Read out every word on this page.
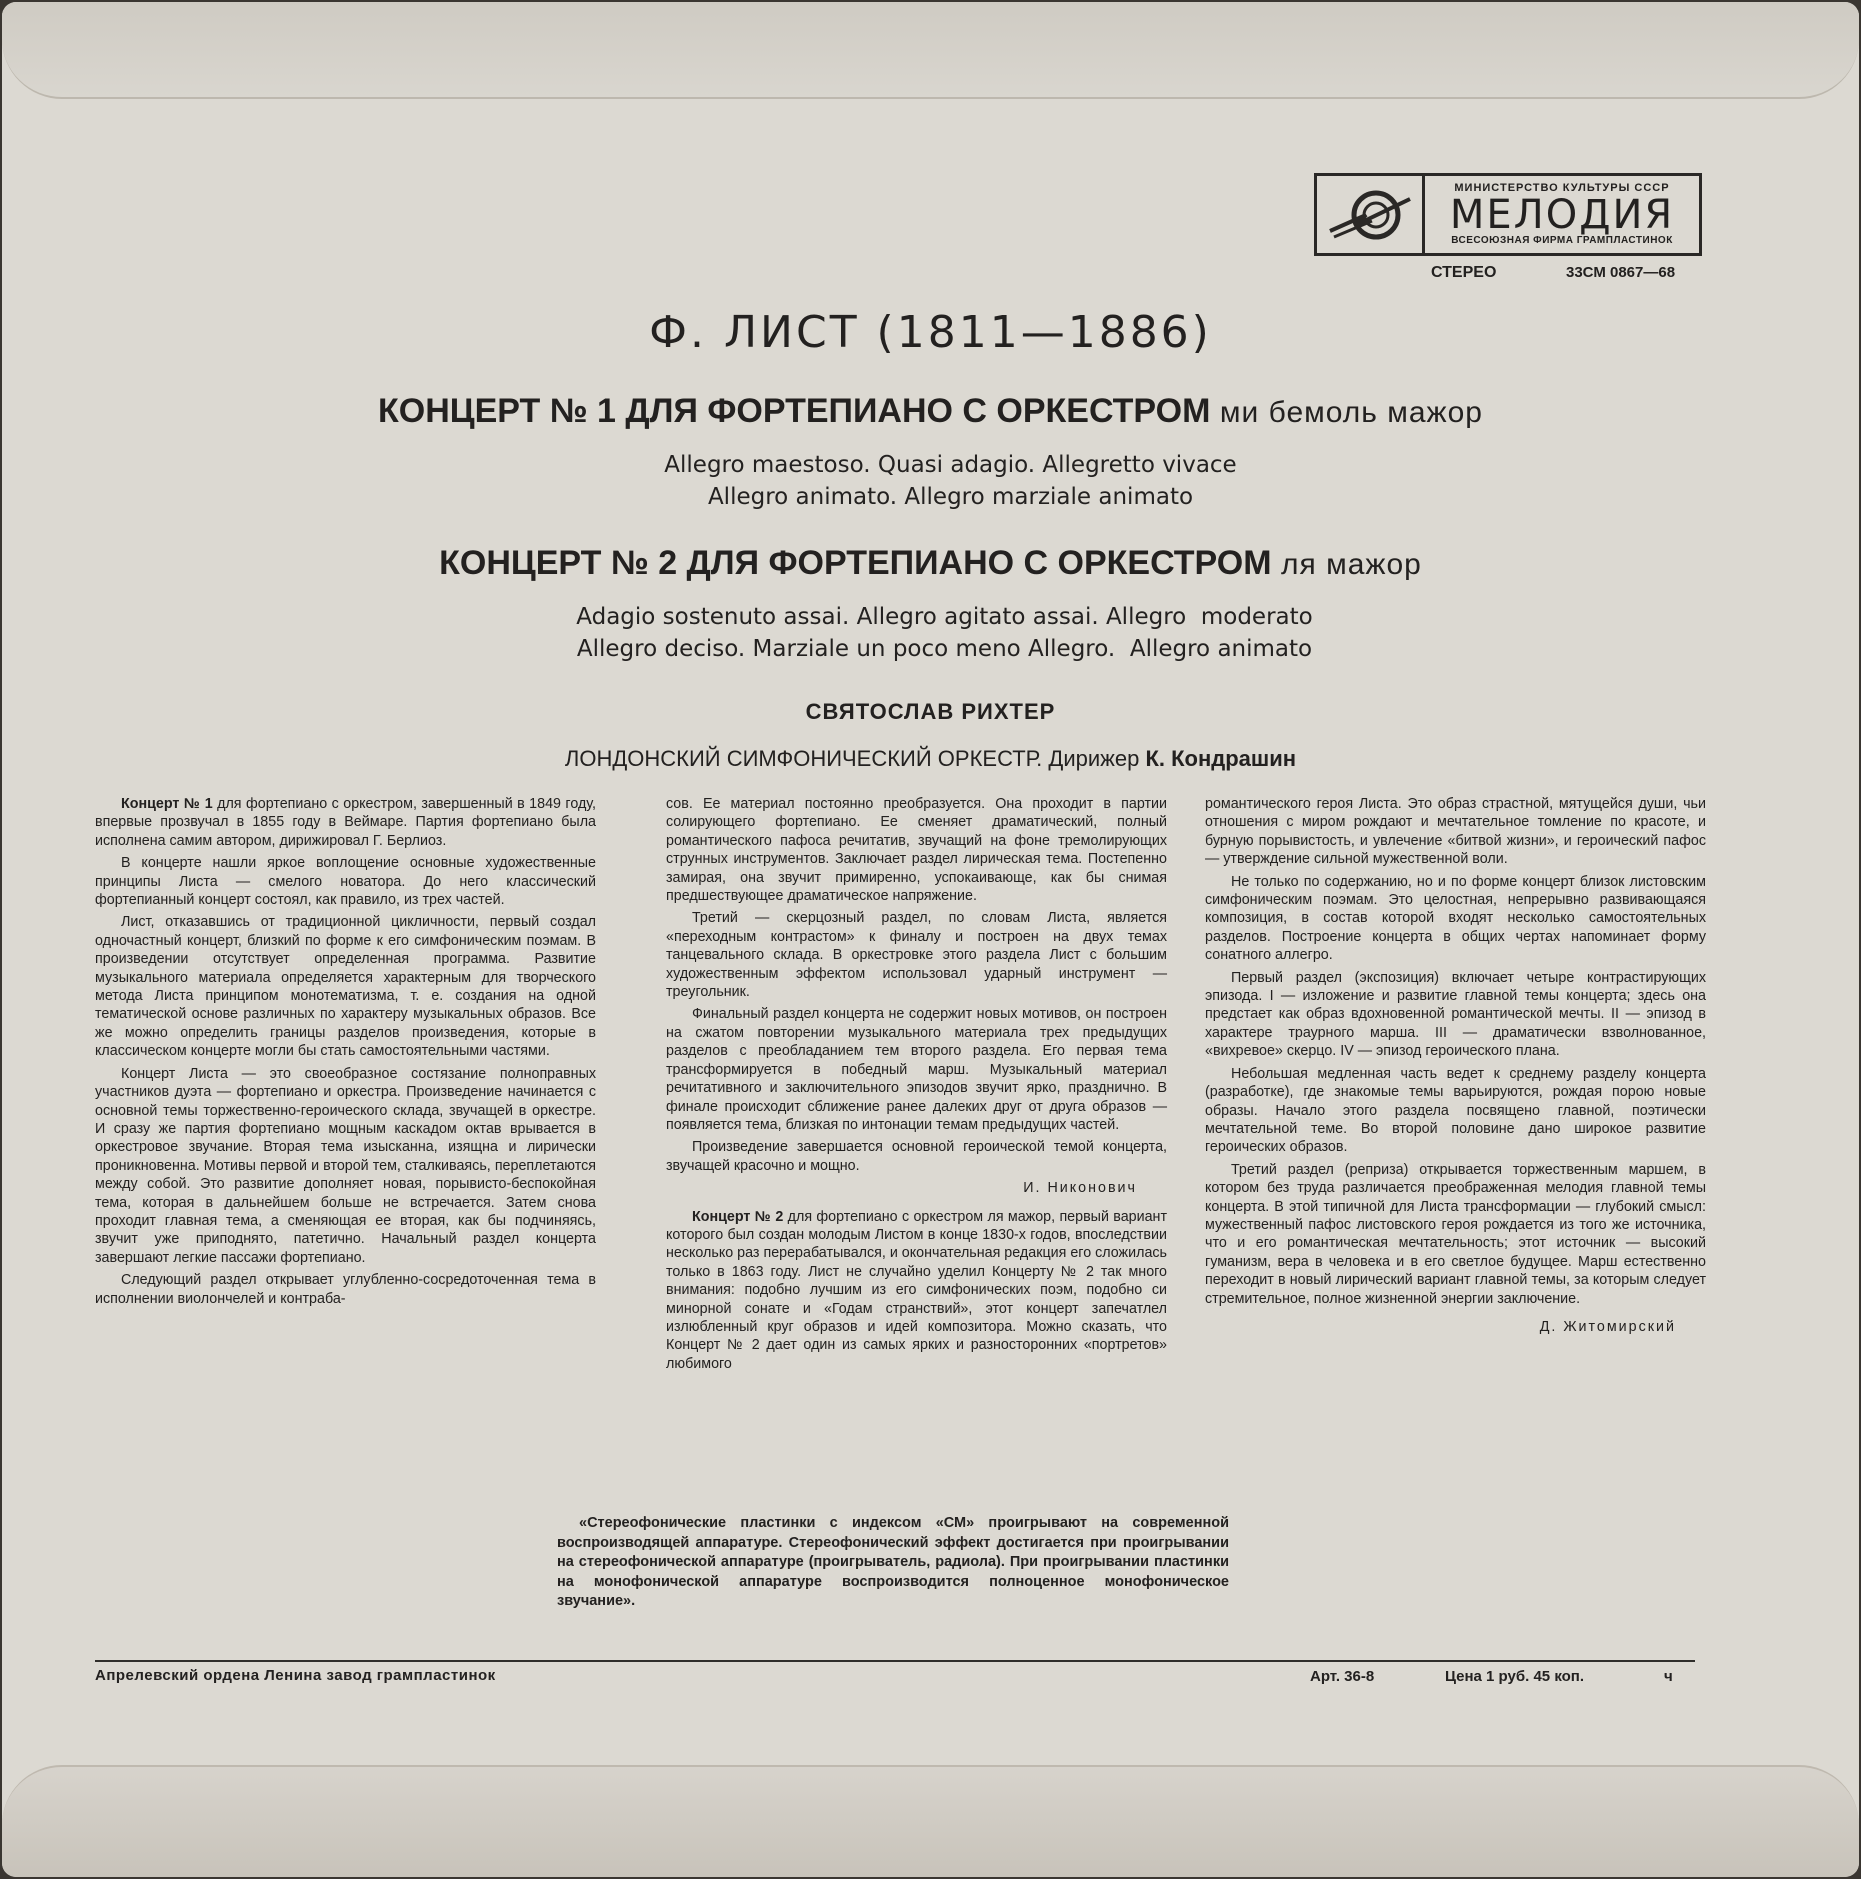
МИНИСТЕРСТВО КУЛЬТУРЫ СССР
МЕЛОДИЯ
ВСЕСОЮЗНАЯ ФИРМА ГРАМПЛАСТИНОК
СТЕРЕО	33СМ 0867—68
Ф. ЛИСТ (1811—1886)
КОНЦЕРТ № 1 ДЛЯ ФОРТЕПИАНО С ОРКЕСТРОМ ми бемоль мажор
Allegro maestoso. Quasi adagio. Allegretto vivace
Allegro animato. Allegro marziale animato
КОНЦЕРТ № 2 ДЛЯ ФОРТЕПИАНО С ОРКЕСТРОМ ля мажор
Adagio sostenuto assai. Allegro agitato assai. Allegro  moderato
Allegro deciso. Marziale un poco meno Allegro.  Allegro animato
СВЯТОСЛАВ РИХТЕР
ЛОНДОНСКИЙ СИМФОНИЧЕСКИЙ ОРКЕСТР. Дирижер К. Кондрашин

Концерт № 1 для фортепиано с оркестром, завершенный в 1849 году, впервые прозвучал в 1855 году в Веймаре. Партия фортепиано была исполнена самим автором, дирижировал Г. Берлиоз.

В концерте нашли яркое воплощение основные художественные принципы Листа — смелого новатора. До него классический фортепианный концерт состоял, как правило, из трех частей.

Лист, отказавшись от традиционной цикличности, первый создал одночастный концерт, близкий по форме к его симфоническим поэмам. В произведении отсутствует определенная программа. Развитие музыкального материала определяется характерным для творческого метода Листа принципом монотематизма, т. е. создания на одной тематической основе различных по характеру музыкальных образов. Все же можно определить границы разделов произведения, которые в классическом концерте могли бы стать самостоятельными частями.

Концерт Листа — это своеобразное состязание полноправных участников дуэта — фортепиано и оркестра. Произведение начинается с основной темы торжественно-героического склада, звучащей в оркестре. И сразу же партия фортепиано мощным каскадом октав врывается в оркестровое звучание. Вторая тема изысканна, изящна и лирически проникновенна. Мотивы первой и второй тем, сталкиваясь, переплетаются между собой. Это развитие дополняет новая, порывисто-беспокойная тема, которая в дальнейшем больше не встречается. Затем снова проходит главная тема, а сменяющая ее вторая, как бы подчиняясь, звучит уже приподнято, патетично. Начальный раздел концерта завершают легкие пассажи фортепиано.

Следующий раздел открывает углубленно-сосредоточенная тема в исполнении виолончелей и контраба-

сов. Ее материал постоянно преобразуется. Она проходит в партии солирующего фортепиано. Ее сменяет драматический, полный романтического пафоса речитатив, звучащий на фоне тремолирующих струнных инструментов. Заключает раздел лирическая тема. Постепенно замирая, она звучит примиренно, успокаивающе, как бы снимая предшествующее драматическое напряжение.

Третий — скерцозный раздел, по словам Листа, является «переходным контрастом» к финалу и построен на двух темах танцевального склада. В оркестровке этого раздела Лист с большим художественным эффектом использовал ударный инструмент — треугольник.

Финальный раздел концерта не содержит новых мотивов, он построен на сжатом повторении музыкального материала трех предыдущих разделов с преобладанием тем второго раздела. Его первая тема трансформируется в победный марш. Музыкальный материал речитативного и заключительного эпизодов звучит ярко, празднично. В финале происходит сближение ранее далеких друг от друга образов — появляется тема, близкая по интонации темам предыдущих частей.

Произведение завершается основной героической темой концерта, звучащей красочно и мощно.

И. Никонович

Концерт № 2 для фортепиано с оркестром ля мажор, первый вариант которого был создан молодым Листом в конце 1830-х годов, впоследствии несколько раз перерабатывался, и окончательная редакция его сложилась только в 1863 году. Лист не случайно уделил Концерту № 2 так много внимания: подобно лучшим из его симфонических поэм, подобно си минорной сонате и «Годам странствий», этот концерт запечатлел излюбленный круг образов и идей композитора. Можно сказать, что Концерт № 2 дает один из самых ярких и разносторонних «портретов» любимого

романтического героя Листа. Это образ страстной, мятущейся души, чьи отношения с миром рождают и мечтательное томление по красоте, и бурную порывистость, и увлечение «битвой жизни», и героический пафос — утверждение сильной мужественной воли.

Не только по содержанию, но и по форме концерт близок листовским симфоническим поэмам. Это целостная, непрерывно развивающаяся композиция, в состав которой входят несколько самостоятельных разделов. Построение концерта в общих чертах напоминает форму сонатного аллегро.

Первый раздел (экспозиция) включает четыре контрастирующих эпизода. I — изложение и развитие главной темы концерта; здесь она предстает как образ вдохновенной романтической мечты. II — эпизод в характере траурного марша. III — драматически взволнованное, «вихревое» скерцо. IV — эпизод героического плана.

Небольшая медленная часть ведет к среднему разделу концерта (разработке), где знакомые темы варьируются, рождая порою новые образы. Начало этого раздела посвящено главной, поэтически мечтательной теме. Во второй половине дано широкое развитие героических образов.

Третий раздел (реприза) открывается торжественным маршем, в котором без труда различается преображенная мелодия главной темы концерта. В этой типичной для Листа трансформации — глубокий смысл: мужественный пафос листовского героя рождается из того же источника, что и его романтическая мечтательность; этот источник — высокий гуманизм, вера в человека и в его светлое будущее. Марш естественно переходит в новый лирический вариант главной темы, за которым следует стремительное, полное жизненной энергии заключение.

Д. Житомирский
«Стереофонические пластинки с индексом «СМ» проигрывают на современной воспроизводящей аппаратуре. Стереофонический эффект достигается при проигрывании на стереофонической аппаратуре (проигрыватель, радиола). При проигрывании пластинки на монофонической аппаратуре воспроизводится полноценное монофоническое звучание».
Апрелевский ордена Ленина завод грампластинок	Арт. 36-8	Цена 1 руб. 45 коп.	ч
